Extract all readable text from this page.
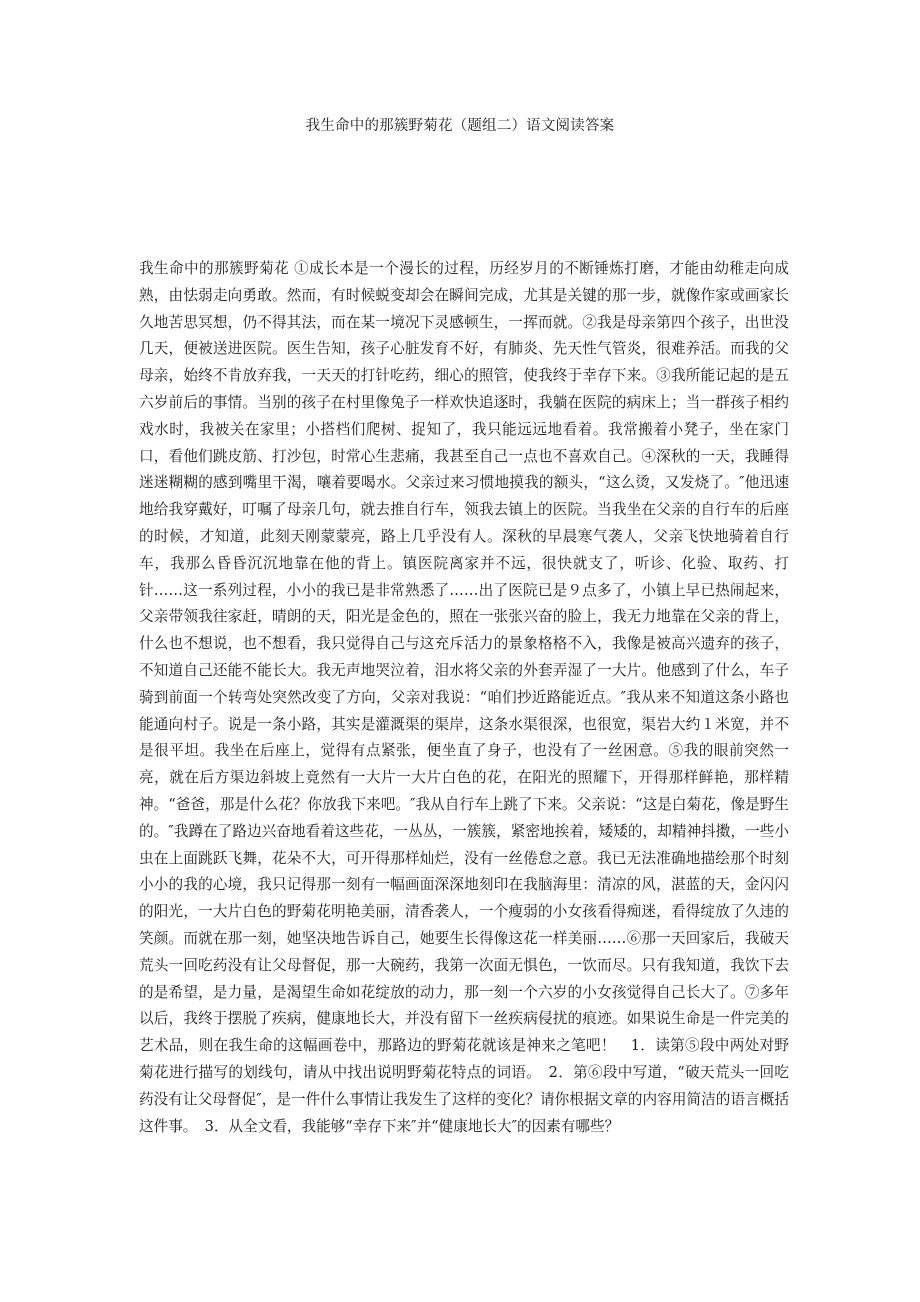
我生命中的那簇野菊花（题组二）语文阅读答案

我生命中的那簇野菊花 ①成长本是一个漫长的过程，历经岁月的不断锤炼打磨，才能由幼稚走向成熟，由怯弱走向勇敢。然而，有时候蜕变却会在瞬间完成，尤其是关键的那一步，就像作家或画家长久地苦思冥想，仍不得其法，而在某一境况下灵感顿生，一挥而就。②我是母亲第四个孩子，出世没几天，便被送进医院。医生告知，孩子心脏发育不好，有肺炎、先天性气管炎，很难养活。而我的父母亲，始终不肯放弃我，一天天的打针吃药，细心的照管，使我终于幸存下来。③我所能记起的是五六岁前后的事情。当别的孩子在村里像兔子一样欢快追逐时，我躺在医院的病床上；当一群孩子相约戏水时，我被关在家里；小搭档们爬树、捉知了，我只能远远地看着。我常搬着小凳子，坐在家门口，看他们跳皮筋、打沙包，时常心生悲痛，我甚至自己一点也不喜欢自己。④深秋的一天，我睡得迷迷糊糊的感到嘴里干渴，嚷着要喝水。父亲过来习惯地摸我的额头，“这么烫，又发烧了。″他迅速地给我穿戴好，叮嘱了母亲几句，就去推自行车，领我去镇上的医院。当我坐在父亲的自行车的后座的时候，才知道，此刻天刚蒙蒙亮，路上几乎没有人。深秋的早晨寒气袭人，父亲飞快地骑着自行车，我那么昏昏沉沉地靠在他的背上。镇医院离家并不远，很快就支了，听诊、化验、取药、打针……这一系列过程，小小的我已是非常熟悉了……出了医院已是９点多了，小镇上早已热闹起来，父亲带领我往家赶，晴朗的天，阳光是金色的，照在一张张兴奋的脸上，我无力地靠在父亲的背上，什么也不想说，也不想看，我只觉得自己与这充斥活力的景象格格不入，我像是被高兴遗弃的孩子，不知道自己还能不能长大。我无声地哭泣着，泪水将父亲的外套弄湿了一大片。他感到了什么，车子骑到前面一个转弯处突然改变了方向，父亲对我说：“咱们抄近路能近点。″我从来不知道这条小路也能通向村子。说是一条小路，其实是灌溉渠的渠岸，这条水渠很深，也很宽，渠岩大约１米宽，并不是很平坦。我坐在后座上，觉得有点紧张，便坐直了身子，也没有了一丝困意。⑤我的眼前突然一亮，就在后方渠边斜坡上竟然有一大片一大片白色的花，在阳光的照耀下，开得那样鲜艳，那样精神。“爸爸，那是什么花？你放我下来吧。″我从自行车上跳了下来。父亲说：“这是白菊花，像是野生的。″我蹲在了路边兴奋地看着这些花，一丛丛，一簇簇，紧密地挨着，矮矮的，却精神抖擞，一些小虫在上面跳跃飞舞，花朵不大，可开得那样灿烂，没有一丝倦怠之意。我已无法准确地描绘那个时刻小小的我的心境，我只记得那一刻有一幅画面深深地刻印在我脑海里：清凉的风，湛蓝的天，金闪闪的阳光，一大片白色的野菊花明艳美丽，清香袭人，一个瘦弱的小女孩看得痴迷，看得绽放了久违的笑颜。而就在那一刻，她坚决地告诉自己，她要生长得像这花一样美丽……⑥那一天回家后，我破天荒头一回吃药没有让父母督促，那一大碗药，我第一次面无惧色，一饮而尽。只有我知道，我饮下去的是希望，是力量，是渴望生命如花绽放的动力，那一刻一个六岁的小女孩觉得自己长大了。⑦多年以后，我终于摆脱了疾病，健康地长大，并没有留下一丝疾病侵扰的痕迹。如果说生命是一件完美的艺术品，则在我生命的这幅画卷中，那路边的野菊花就该是神来之笔吧！　1．读第⑤段中两处对野菊花进行描写的划线句，请从中找出说明野菊花特点的词语。　2．第⑥段中写道，“破天荒头一回吃药没有让父母督促″，是一件什么事情让我发生了这样的变化？请你根据文章的内容用简洁的语言概括这件事。　3．从全文看，我能够“幸存下来″并“健康地长大″的因素有哪些？
